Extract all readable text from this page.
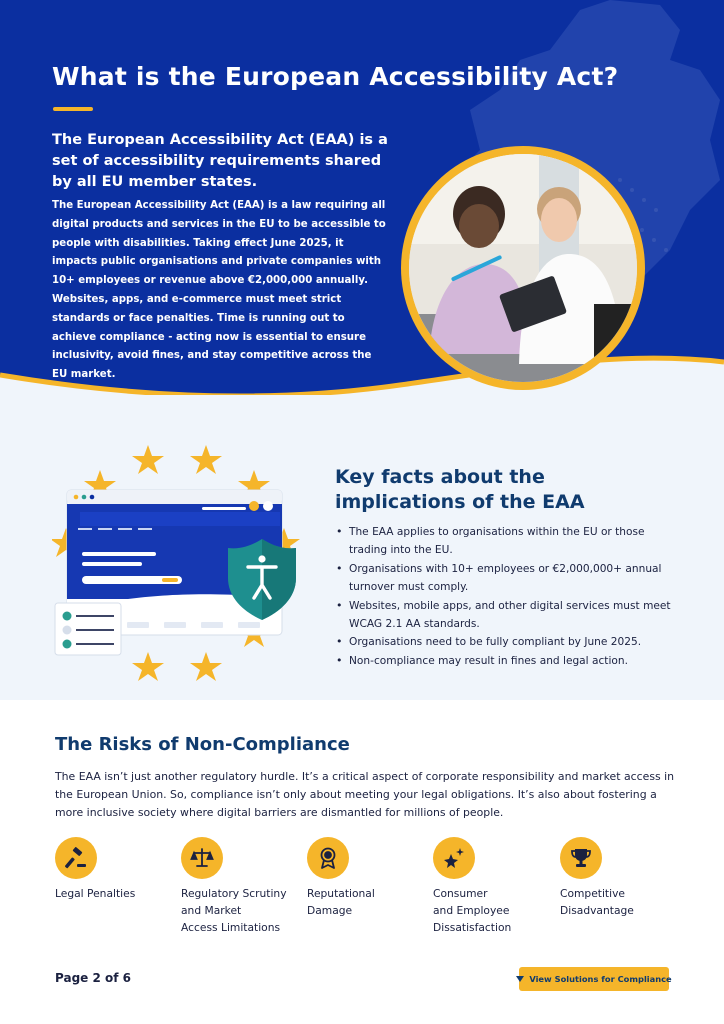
What is the European Accessibility Act?

The European Accessibility Act (EAA) is a set of accessibility requirements shared by all EU member states.

The European Accessibility Act (EAA) is a law requiring all digital products and services in the EU to be accessible to people with disabilities. Taking effect June 2025, it impacts public organisations and private companies with 10+ employees or revenue above €2,000,000 annually. Websites, apps, and e-commerce must meet strict standards or face penalties. Time is running out to achieve compliance - acting now is essential to ensure inclusivity, avoid fines, and stay competitive across the EU market.

Key facts about the implications of the EAA
• The EAA applies to organisations within the EU or those trading into the EU.
• Organisations with 10+ employees or €2,000,000+ annual turnover must comply.
• Websites, mobile apps, and other digital services must meet WCAG 2.1 AA standards.
• Organisations need to be fully compliant by June 2025.
• Non-compliance may result in fines and legal action.
The Risks of Non-Compliance

The EAA isn’t just another regulatory hurdle. It’s a critical aspect of corporate responsibility and market access in the European Union. So, compliance isn’t only about meeting your legal obligations. It’s also about fostering a more inclusive society where digital barriers are dismantled for millions of people.

Legal Penalties	Regulatory Scrutiny
and Market
Access Limitations
Reputational
Damage
Consumer
and Employee
Dissatisfaction
Competitive
Disadvantage
Page 2 of 6	View Solutions for Compliance
